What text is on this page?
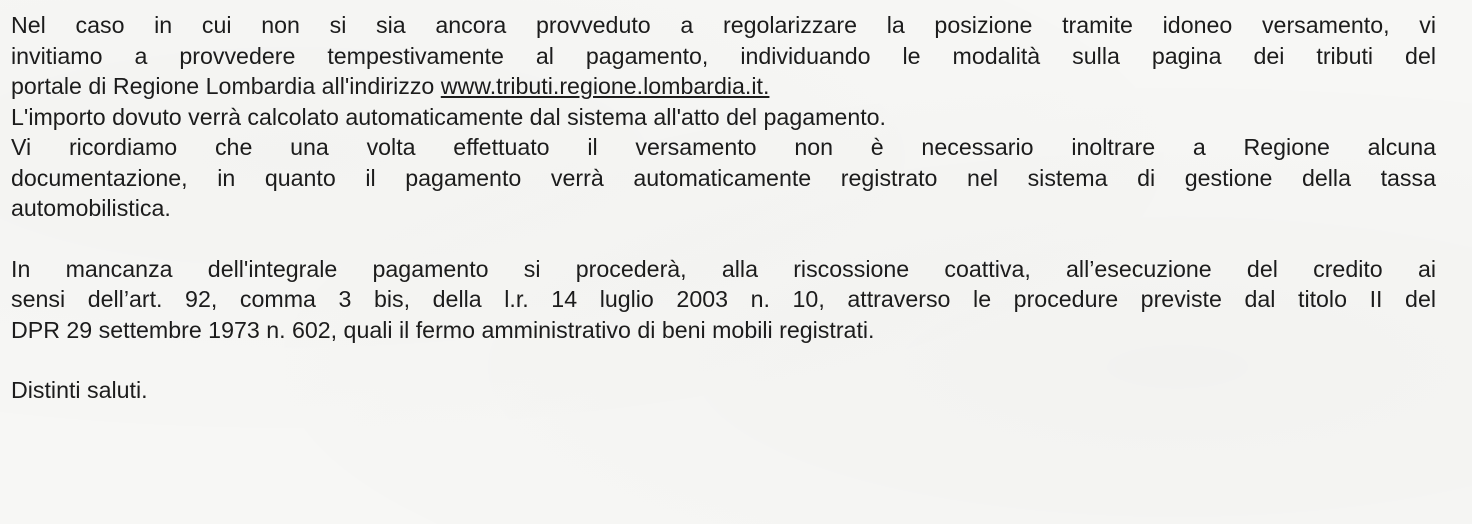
Nel caso in cui non si sia ancora provveduto a regolarizzare la posizione tramite idoneo versamento, vi
invitiamo a provvedere tempestivamente al pagamento, individuando le modalità sulla pagina dei tributi del
portale di Regione Lombardia all'indirizzo www.tributi.regione.lombardia.it.
L'importo dovuto verrà calcolato automaticamente dal sistema all'atto del pagamento.
Vi ricordiamo che una volta effettuato il versamento non è necessario inoltrare a Regione alcuna
documentazione, in quanto il pagamento verrà automaticamente registrato nel sistema di gestione della tassa
automobilistica.
In mancanza dell'integrale pagamento si procederà, alla riscossione coattiva, all’esecuzione del credito ai
sensi dell’art. 92, comma 3 bis, della l.r. 14 luglio 2003 n. 10, attraverso le procedure previste dal titolo II del
DPR 29 settembre 1973 n. 602, quali il fermo amministrativo di beni mobili registrati.

Distinti saluti.
